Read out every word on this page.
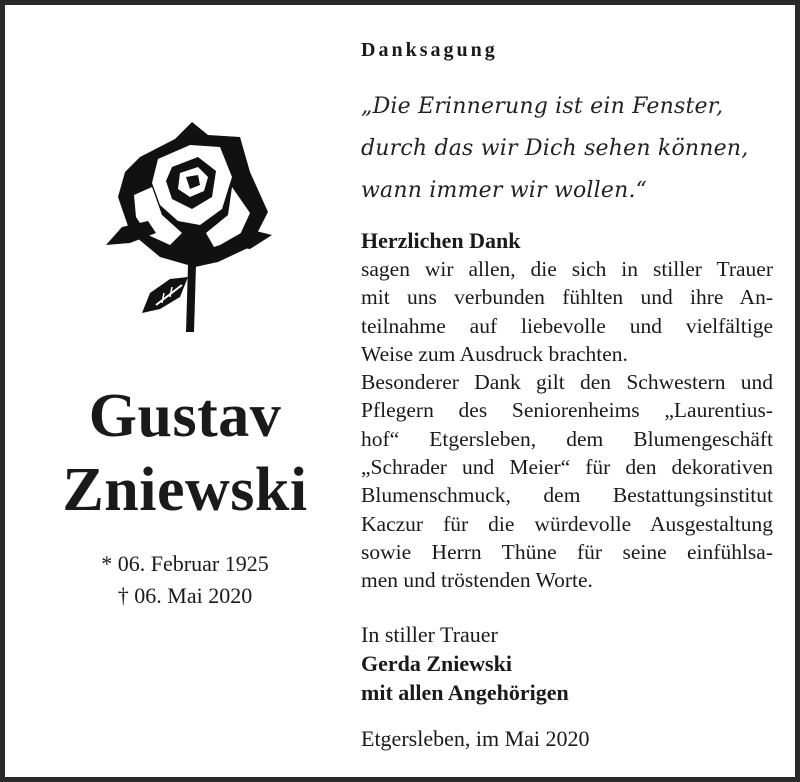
Gustav
Zniewski
* 06. Februar 1925
† 06. Mai 2020
Danksagung
„Die Erinnerung ist ein Fenster,
durch das wir Dich sehen können,
wann immer wir wollen.“
Herzlichen Dank
sagen wir allen, die sich in stiller Trauer
mit uns verbunden fühlten und ihre An-
teilnahme auf liebevolle und vielfältige
Weise zum Ausdruck brachten.
Besonderer Dank gilt den Schwestern und
Pflegern des Seniorenheims „Laurentius-
hof“ Etgersleben, dem Blumengeschäft
„Schrader und Meier“ für den dekorativen
Blumenschmuck, dem Bestattungsinstitut
Kaczur für die würdevolle Ausgestaltung
sowie Herrn Thüne für seine einfühlsa-
men und tröstenden Worte.
In stiller Trauer
Gerda Zniewski
mit allen Angehörigen
Etgersleben, im Mai 2020
